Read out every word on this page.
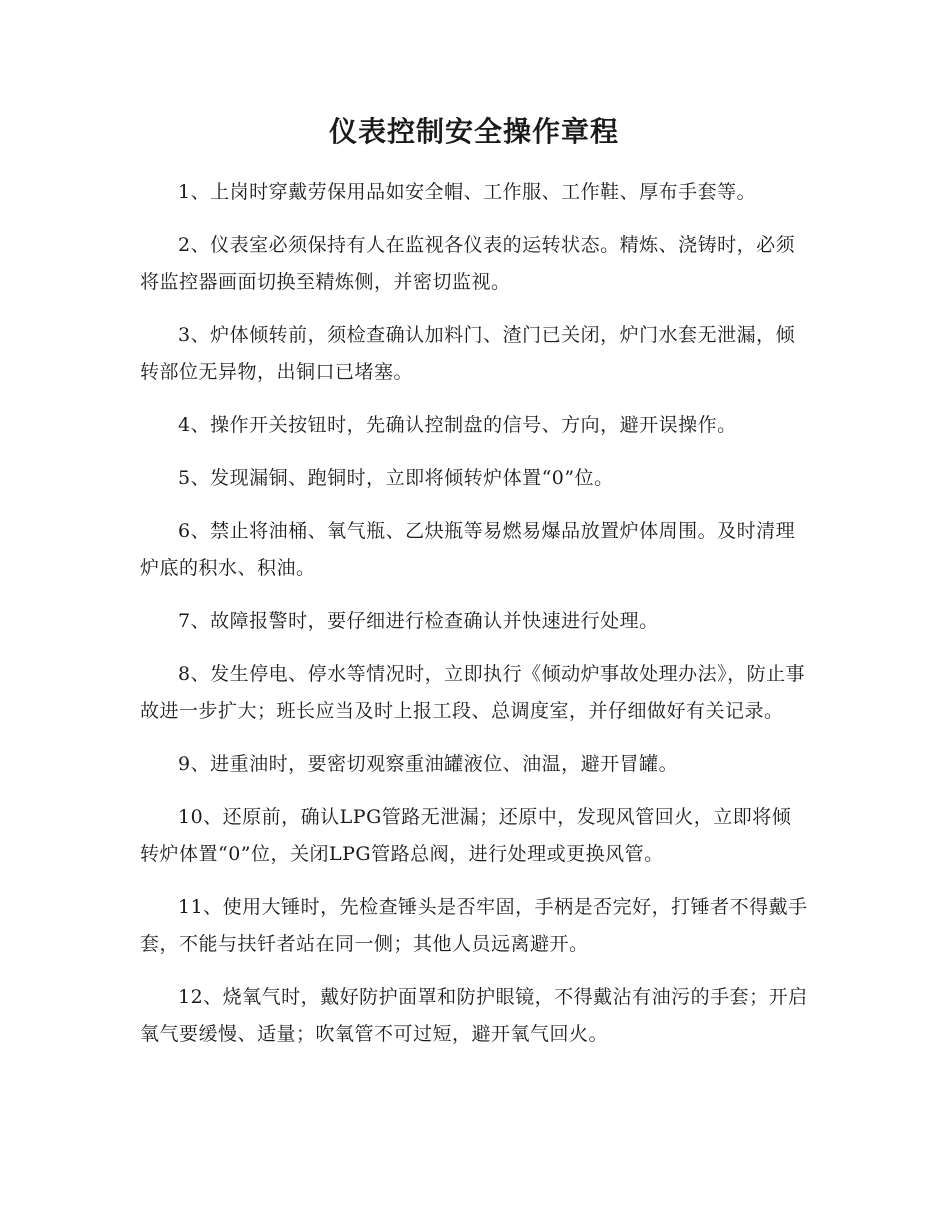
仪表控制安全操作章程

1、上岗时穿戴劳保用品如安全帽、工作服、工作鞋、厚布手套等。

2、仪表室必须保持有人在监视各仪表的运转状态。精炼、浇铸时，必须将监控器画面切换至精炼侧，并密切监视。

3、炉体倾转前，须检查确认加料门、渣门已关闭，炉门水套无泄漏，倾转部位无异物，出铜口已堵塞。

4、操作开关按钮时，先确认控制盘的信号、方向，避开误操作。

5、发现漏铜、跑铜时，立即将倾转炉体置“0”位。

6、禁止将油桶、氧气瓶、乙炔瓶等易燃易爆品放置炉体周围。及时清理炉底的积水、积油。

7、故障报警时，要仔细进行检查确认并快速进行处理。

8、发生停电、停水等情况时，立即执行《倾动炉事故处理办法》，防止事故进一步扩大；班长应当及时上报工段、总调度室，并仔细做好有关记录。

9、进重油时，要密切观察重油罐液位、油温，避开冒罐。

10、还原前，确认LPG管路无泄漏；还原中，发现风管回火，立即将倾转炉体置“0”位，关闭LPG管路总阀，进行处理或更换风管。

11、使用大锤时，先检查锤头是否牢固，手柄是否完好，打锤者不得戴手套，不能与扶钎者站在同一侧；其他人员远离避开。

12、烧氧气时，戴好防护面罩和防护眼镜，不得戴沾有油污的手套；开启氧气要缓慢、适量；吹氧管不可过短，避开氧气回火。
